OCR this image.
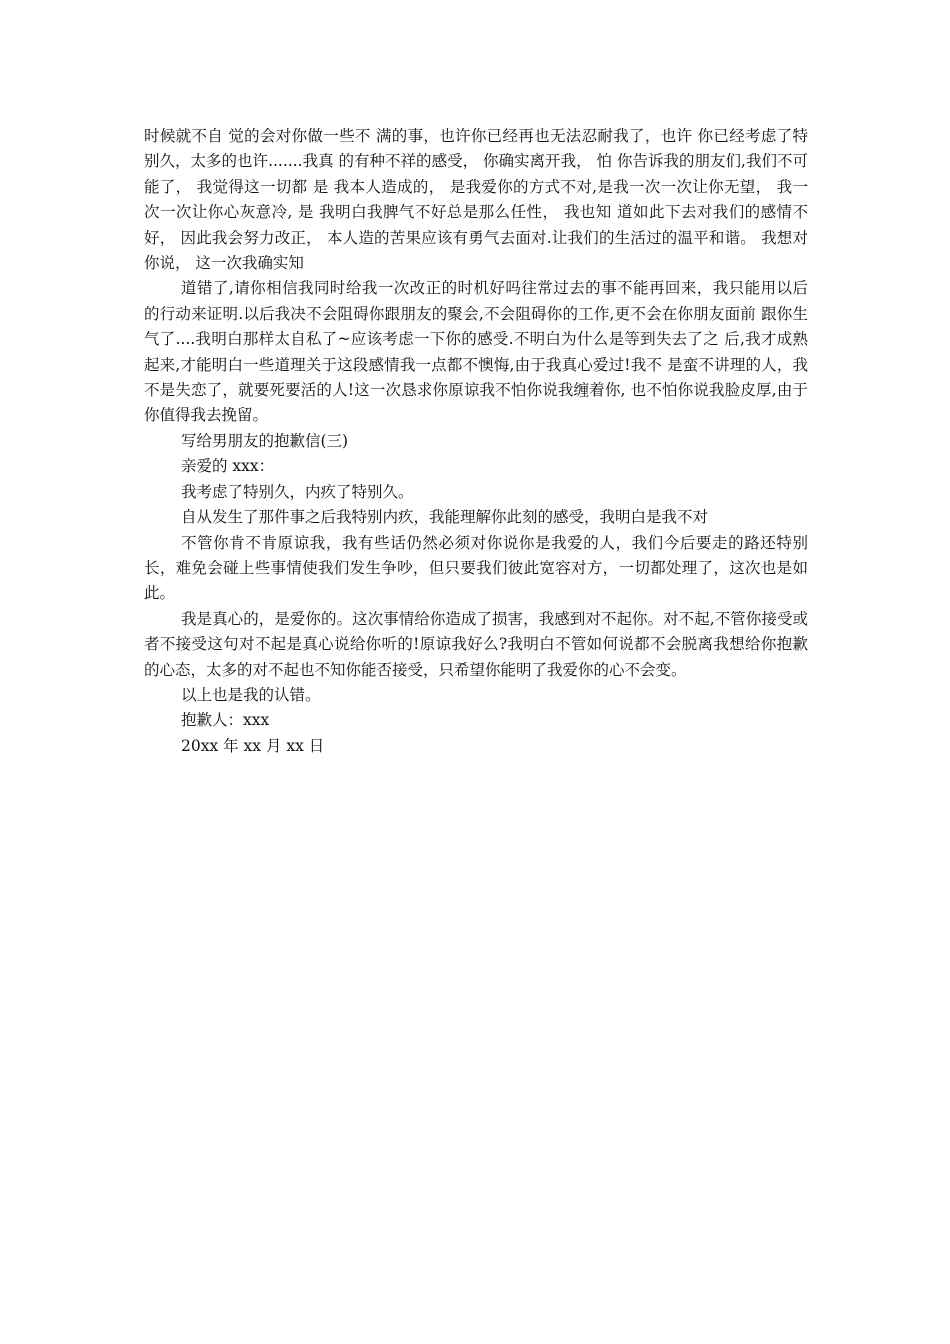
时候就不自 觉的会对你做一些不 满的事，也许你已经再也无法忍耐我了，也许 你已经考虑了特别久，太多的也许.......我真 的有种不祥的感受， 你确实离开我， 怕 你告诉我的朋友们,我们不可能了， 我觉得这一切都 是 我本人造成的， 是我爱你的方式不对,是我一次一次让你无望， 我一次一次让你心灰意冷, 是 我明白我脾气不好总是那么任性， 我也知 道如此下去对我们的感情不好， 因此我会努力改正， 本人造的苦果应该有勇气去面对.让我们的生活过的温平和谐。 我想对你说， 这一次我确实知

道错了,请你相信我同时给我一次改正的时机好吗往常过去的事不能再回来，我只能用以后 的行动来证明.以后我决不会阻碍你跟朋友的聚会,不会阻碍你的工作,更不会在你朋友面前 跟你生气了....我明白那样太自私了~应该考虑一下你的感受.不明白为什么是等到失去了之 后,我才成熟起来,才能明白一些道理关于这段感情我一点都不懊悔,由于我真心爱过!我不 是蛮不讲理的人，我不是失恋了，就要死要活的人!这一次恳求你原谅我不怕你说我缠着你, 也不怕你说我脸皮厚,由于你值得我去挽留。

写给男朋友的抱歉信(三)

亲爱的 xxx：

我考虑了特别久，内疚了特别久。

自从发生了那件事之后我特别内疚，我能理解你此刻的感受，我明白是我不对

不管你肯不肯原谅我，我有些话仍然必须对你说你是我爱的人，我们今后要走的路还特别长，难免会碰上些事情使我们发生争吵，但只要我们彼此宽容对方，一切都处理了，这次也是如此。

我是真心的，是爱你的。这次事情给你造成了损害，我感到对不起你。对不起,不管你接受或者不接受这句对不起是真心说给你听的!原谅我好么?我明白不管如何说都不会脱离我想给你抱歉的心态，太多的对不起也不知你能否接受，只希望你能明了我爱你的心不会变。

以上也是我的认错。

抱歉人：xxx

20xx 年 xx 月 xx 日
